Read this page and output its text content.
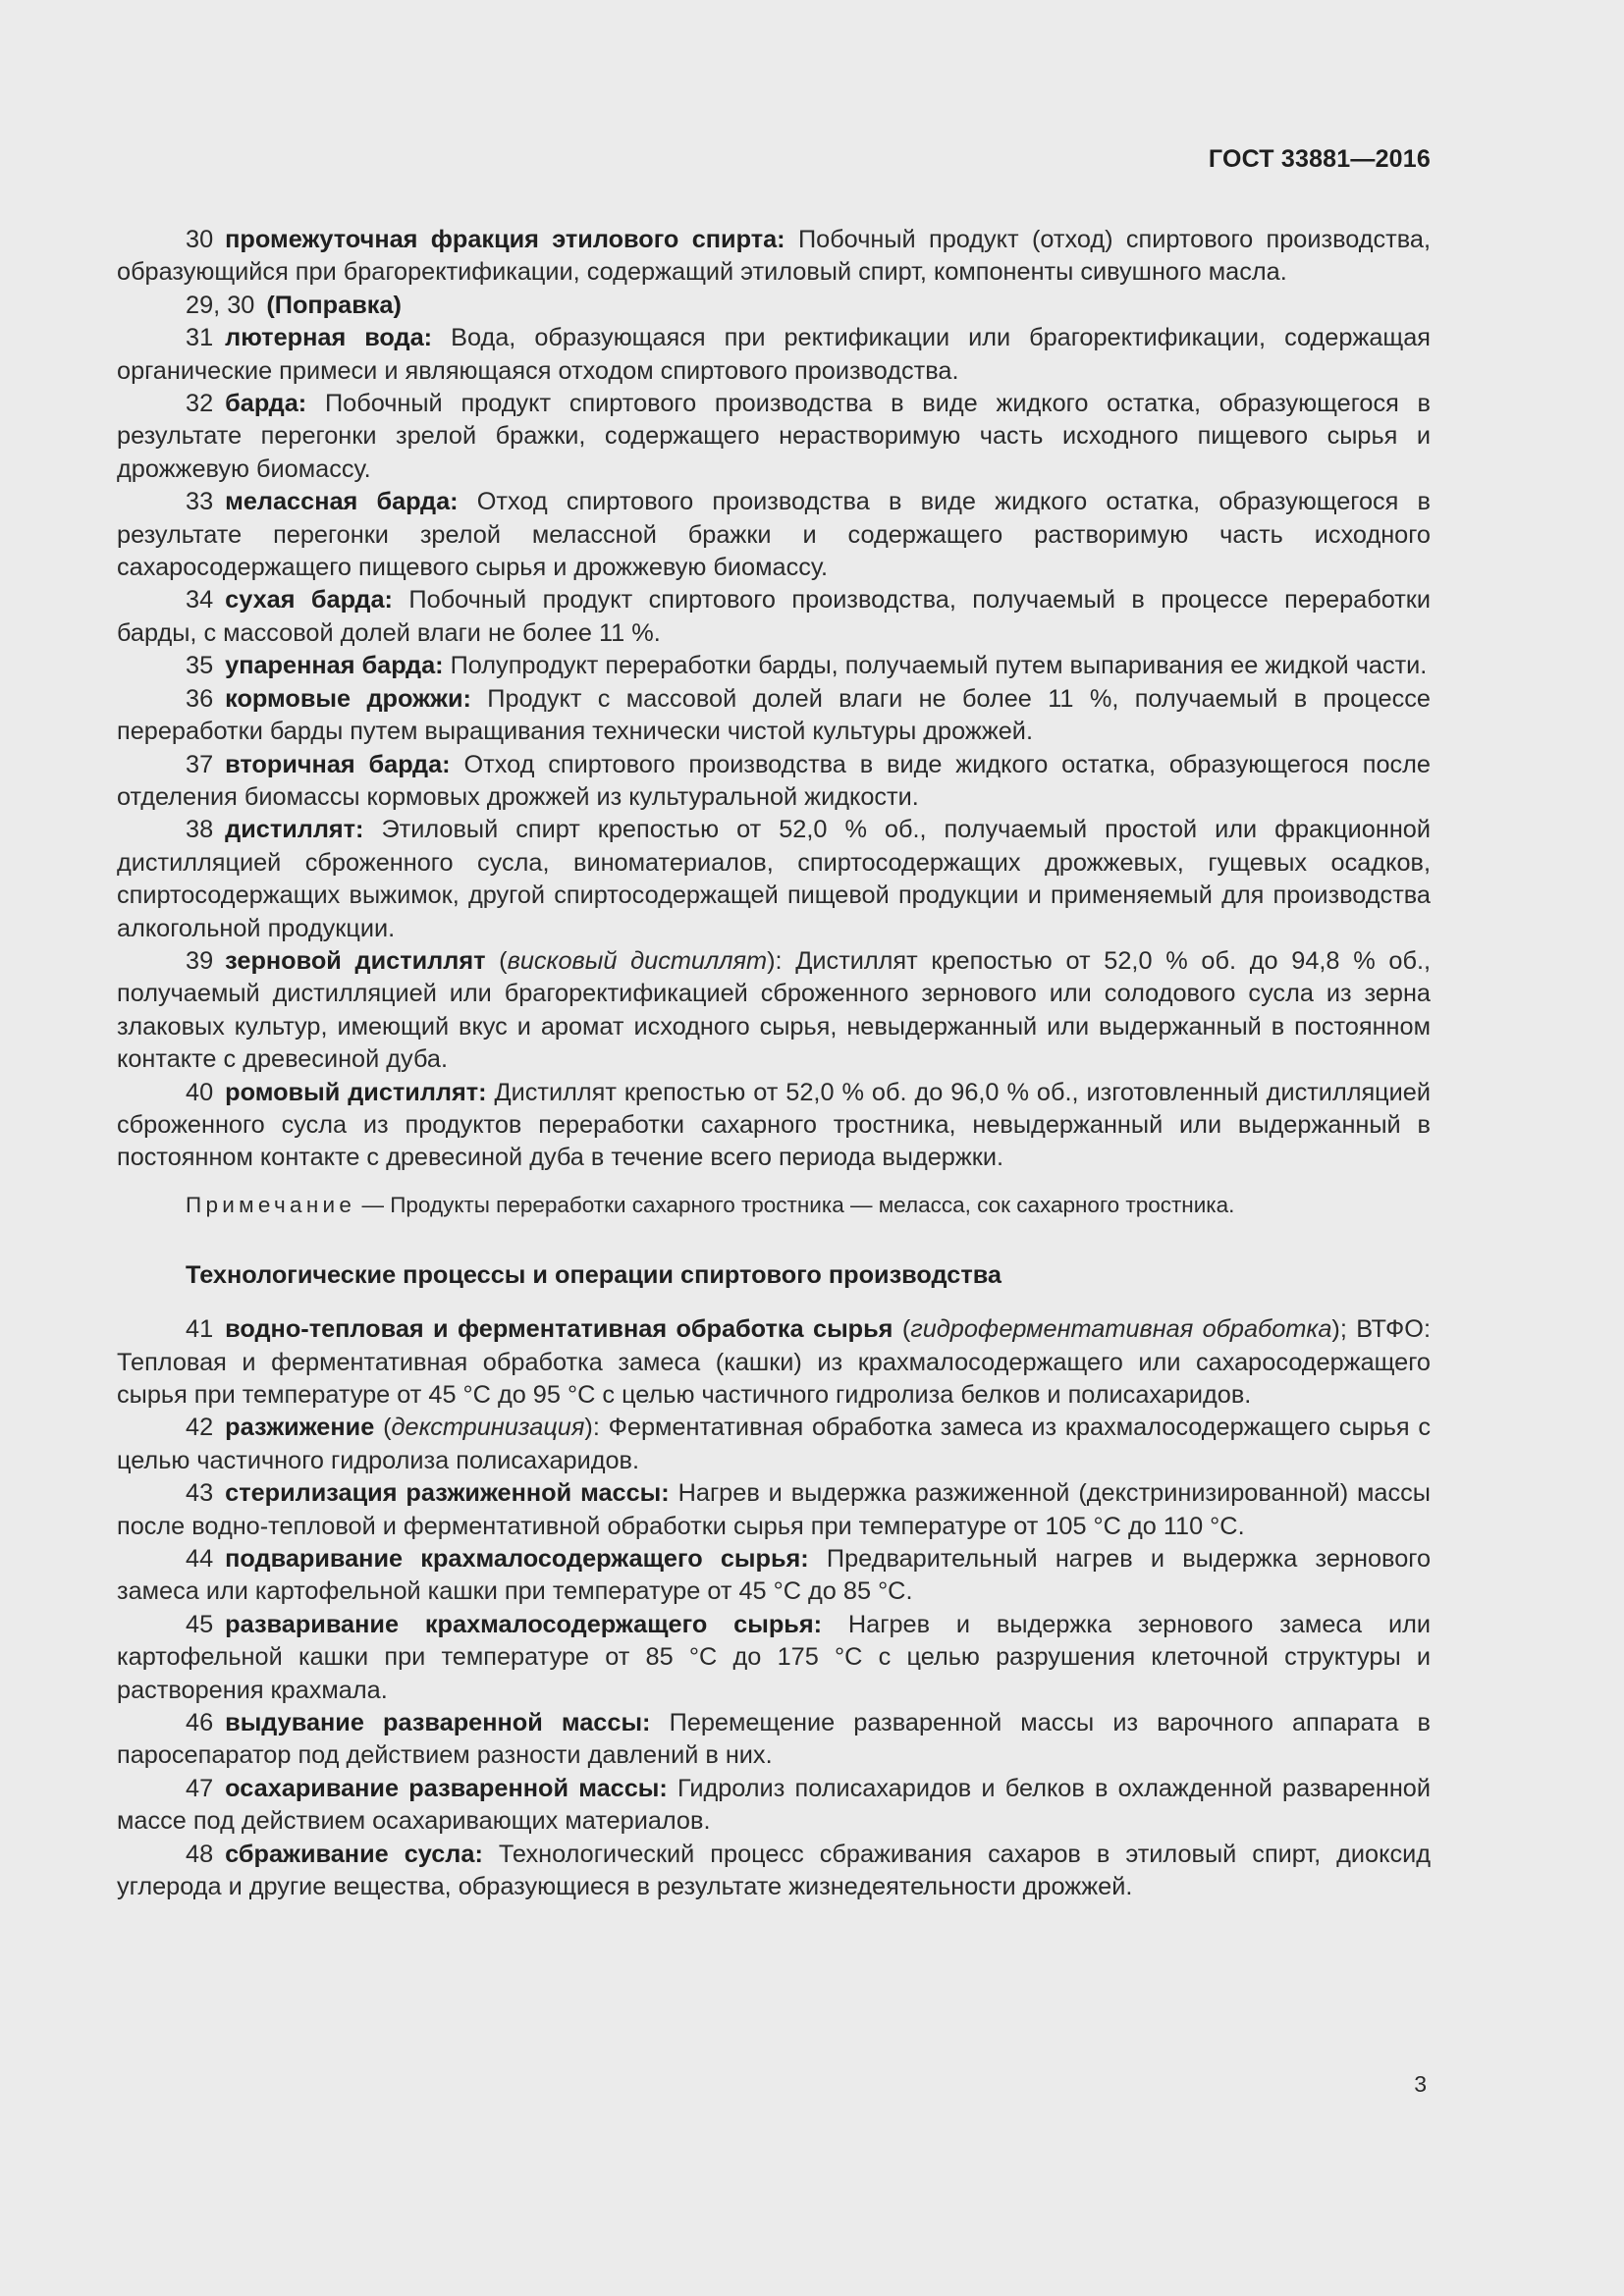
ГОСТ 33881—2016

30 промежуточная фракция этилового спирта: Побочный продукт (отход) спиртового производства, образующийся при брагоректификации, содержащий этиловый спирт, компоненты сивушного масла.

29, 30 (Поправка)

31 лютерная вода: Вода, образующаяся при ректификации или брагоректификации, содержащая органические примеси и являющаяся отходом спиртового производства.

32 барда: Побочный продукт спиртового производства в виде жидкого остатка, образующегося в результате перегонки зрелой бражки, содержащего нерастворимую часть исходного пищевого сырья и дрожжевую биомассу.

33 мелассная барда: Отход спиртового производства в виде жидкого остатка, образующегося в результате перегонки зрелой мелассной бражки и содержащего растворимую часть исходного сахаросодержащего пищевого сырья и дрожжевую биомассу.

34 сухая барда: Побочный продукт спиртового производства, получаемый в процессе переработки барды, с массовой долей влаги не более 11 %.

35 упаренная барда: Полупродукт переработки барды, получаемый путем выпаривания ее жидкой части.

36 кормовые дрожжи: Продукт с массовой долей влаги не более 11 %, получаемый в процессе переработки барды путем выращивания технически чистой культуры дрожжей.

37 вторичная барда: Отход спиртового производства в виде жидкого остатка, образующегося после отделения биомассы кормовых дрожжей из культуральной жидкости.

38 дистиллят: Этиловый спирт крепостью от 52,0 % об., получаемый простой или фракционной дистилляцией сброженного сусла, виноматериалов, спиртосодержащих дрожжевых, гущевых осадков, спиртосодержащих выжимок, другой спиртосодержащей пищевой продукции и применяемый для производства алкогольной продукции.

39 зерновой дистиллят (вискoвый дистиллят): Дистиллят крепостью от 52,0 % об. до 94,8 % об., получаемый дистилляцией или брагоректификацией сброженного зернового или солодового сусла из зерна злаковых культур, имеющий вкус и аромат исходного сырья, невыдержанный или выдержанный в постоянном контакте с древесиной дуба.

40 ромовый дистиллят: Дистиллят крепостью от 52,0 % об. до 96,0 % об., изготовленный дистилляцией сброженного сусла из продуктов переработки сахарного тростника, невыдержанный или выдержанный в постоянном контакте с древесиной дуба в течение всего периода выдержки.

Примечание — Продукты переработки сахарного тростника — меласса, сок сахарного тростника.

Технологические процессы и операции спиртового производства

41 водно-тепловая и ферментативная обработка сырья (гидроферментативная обработка); ВТФО: Тепловая и ферментативная обработка замеса (кашки) из крахмалосодержащего или сахаросодержащего сырья при температуре от 45 °С до 95 °С с целью частичного гидролиза белков и полисахаридов.

42 разжижение (декстринизация): Ферментативная обработка замеса из крахмалосодержащего сырья с целью частичного гидролиза полисахаридов.

43 стерилизация разжиженной массы: Нагрев и выдержка разжиженной (декстринизированной) массы после водно-тепловой и ферментативной обработки сырья при температуре от 105 °С до 110 °С.

44 подваривание крахмалосодержащего сырья: Предварительный нагрев и выдержка зернового замеса или картофельной кашки при температуре от 45 °С до 85 °С.

45 разваривание крахмалосодержащего сырья: Нагрев и выдержка зернового замеса или картофельной кашки при температуре от 85 °С до 175 °С с целью разрушения клеточной структуры и растворения крахмала.

46 выдувание разваренной массы: Перемещение разваренной массы из варочного аппарата в паросепаратор под действием разности давлений в них.

47 осахаривание разваренной массы: Гидролиз полисахаридов и белков в охлажденной разваренной массе под действием осахаривающих материалов.

48 сбраживание сусла: Технологический процесс сбраживания сахаров в этиловый спирт, диоксид углерода и другие вещества, образующиеся в результате жизнедеятельности дрожжей.

3
